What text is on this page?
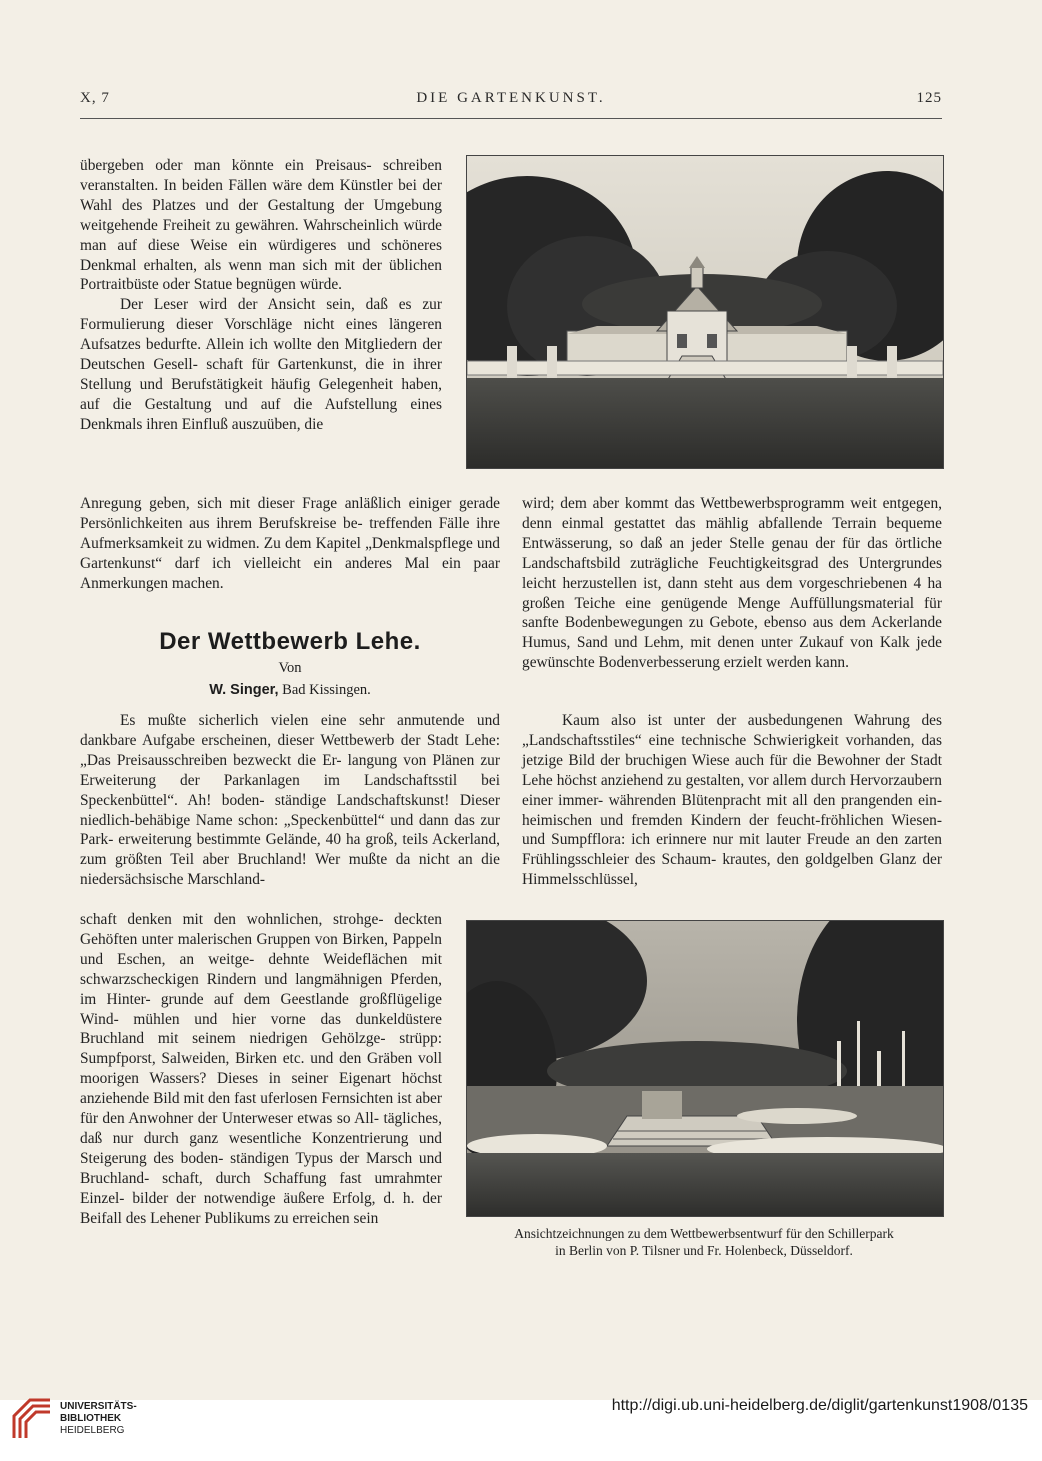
X, 7	DIE GARTENKUNST.	125

übergeben oder man könnte ein Preisaus- schreiben veranstalten. In beiden Fällen wäre dem Künstler bei der Wahl des Platzes und der Gestaltung der Umgebung weitgehende Freiheit zu gewähren. Wahrscheinlich würde man auf diese Weise ein würdigeres und schöneres Denkmal erhalten, als wenn man sich mit der üblichen Portraitbüste oder Statue begnügen würde.

Der Leser wird der Ansicht sein, daß es zur Formulierung dieser Vorschläge nicht eines längeren Aufsatzes bedurfte. Allein ich wollte den Mitgliedern der Deutschen Gesell- schaft für Gartenkunst, die in ihrer Stellung und Berufstätigkeit häufig Gelegenheit haben, auf die Gestaltung und auf die Aufstellung eines Denkmals ihren Einfluß auszuüben, die

Anregung geben, sich mit dieser Frage anläßlich einiger gerade Persönlichkeiten aus ihrem Berufskreise be- treffenden Fälle ihre Aufmerksamkeit zu widmen. Zu dem Kapitel „Denkmalspflege und Gartenkunst“ darf ich vielleicht ein anderes Mal ein paar Anmerkungen machen.

Der Wettbewerb Lehe.
Von
W. Singer, Bad Kissingen.

Es mußte sicherlich vielen eine sehr anmutende und dankbare Aufgabe erscheinen, dieser Wettbewerb der Stadt Lehe: „Das Preisausschreiben bezweckt die Er- langung von Plänen zur Erweiterung der Parkanlagen im Landschaftsstil bei Speckenbüttel“. Ah! boden- ständige Landschaftskunst! Dieser niedlich-behäbige Name schon: „Speckenbüttel“ und dann das zur Park- erweiterung bestimmte Gelände, 40 ha groß, teils Ackerland, zum größten Teil aber Bruchland! Wer mußte da nicht an die niedersächsische Marschland-

schaft denken mit den wohnlichen, strohge- deckten Gehöften unter malerischen Gruppen von Birken, Pappeln und Eschen, an weitge- dehnte Weideflächen mit schwarzscheckigen Rindern und langmähnigen Pferden, im Hinter- grunde auf dem Geestlande großflügelige Wind- mühlen und hier vorne das dunkeldüstere Bruchland mit seinem niedrigen Gehölzge- strüpp: Sumpfporst, Salweiden, Birken etc. und den Gräben voll moorigen Wassers? Dieses in seiner Eigenart höchst anziehende Bild mit den fast uferlosen Fernsichten ist aber für den Anwohner der Unterweser etwas so All- tägliches, daß nur durch ganz wesentliche Konzentrierung und Steigerung des boden- ständigen Typus der Marsch und Bruchland- schaft, durch Schaffung fast umrahmter Einzel- bilder der notwendige äußere Erfolg, d. h. der Beifall des Lehener Publikums zu erreichen sein

wird; dem aber kommt das Wettbewerbsprogramm weit entgegen, denn einmal gestattet das mählig abfallende Terrain bequeme Entwässerung, so daß an jeder Stelle genau der für das örtliche Landschaftsbild zuträgliche Feuchtigkeitsgrad des Untergrundes leicht herzustellen ist, dann steht aus dem vorgeschriebenen 4 ha großen Teiche eine genügende Menge Auffüllungsmaterial für sanfte Bodenbewegungen zu Gebote, ebenso aus dem Ackerlande Humus, Sand und Lehm, mit denen unter Zukauf von Kalk jede gewünschte Bodenverbesserung erzielt werden kann.

Kaum also ist unter der ausbedungenen Wahrung des „Landschaftsstiles“ eine technische Schwierigkeit vorhanden, das jetzige Bild der bruchigen Wiese auch für die Bewohner der Stadt Lehe höchst anziehend zu gestalten, vor allem durch Hervorzaubern einer immer- währenden Blütenpracht mit all den prangenden ein- heimischen und fremden Kindern der feucht-fröhlichen Wiesen- und Sumpfflora: ich erinnere nur mit lauter Freude an den zarten Frühlingsschleier des Schaum- krautes, den goldgelben Glanz der Himmelsschlüssel,

Ansichtzeichnungen zu dem Wettbewerbsentwurf für den Schillerpark
in Berlin von P. Tilsner und Fr. Holenbeck, Düsseldorf.
UNIVERSITÄTS-
BIBLIOTHEK
HEIDELBERG
http://digi.ub.uni-heidelberg.de/diglit/gartenkunst1908/0135
